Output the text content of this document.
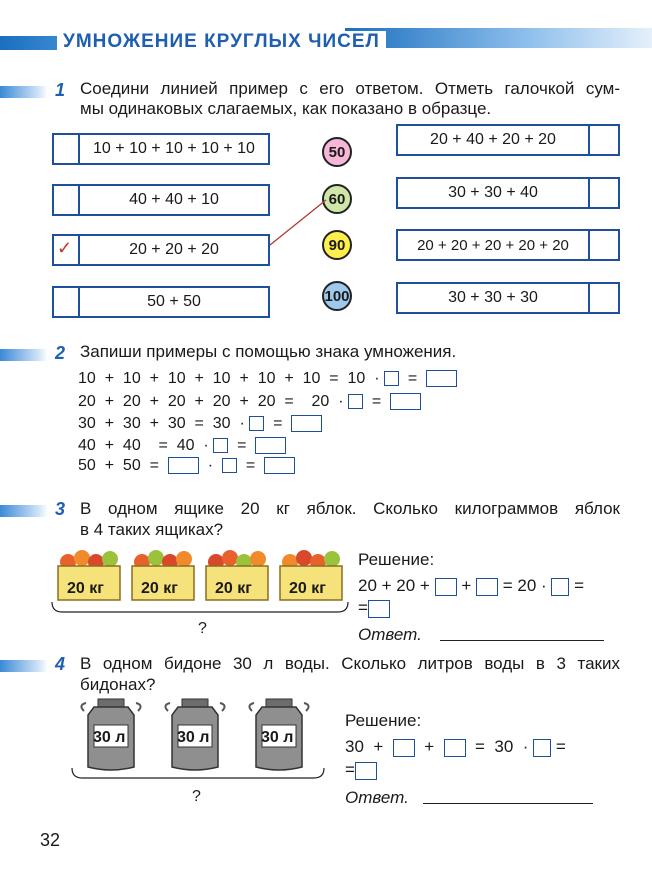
УМНОЖЕНИЕ КРУГЛЫХ ЧИСЕЛ
1 Соедини линией пример с его ответом. Отметь галочкой сум-
мы одинаковых слагаемых, как показано в образце.
10 + 10 + 10 + 10 + 10
40 + 40 + 10
✓	20 + 20 + 20
50 + 50
50
60
90
100
20 + 40 + 20 + 20
30 + 30 + 40
20 + 20 + 20 + 20 + 20
30 + 30 + 30
2 Запиши примеры с помощью знака умножения.
10  +  10  +  10  +  10  +  10  +  10  =  10  · =
20  +  20  +  20  +  20  +  20  =    20  · =
30  +  30  +  30  =  30  · =
40  +  40    =  40  · =
50  +  50  =	· =
3 В одном ящике 20 кг яблок. Сколько килограммов яблок
в 4 таких ящиках?
20 кг 20 кг 20 кг 20 кг
?
Решение:
20 + 20 + + = 20 · =
=
Ответ.
4 В одном бидоне 30 л воды. Сколько литров воды в 3 таких
бидонах?
30 л	30 л	30 л
?
Решение:
30  + + =  30  · =
=
Ответ.
32
